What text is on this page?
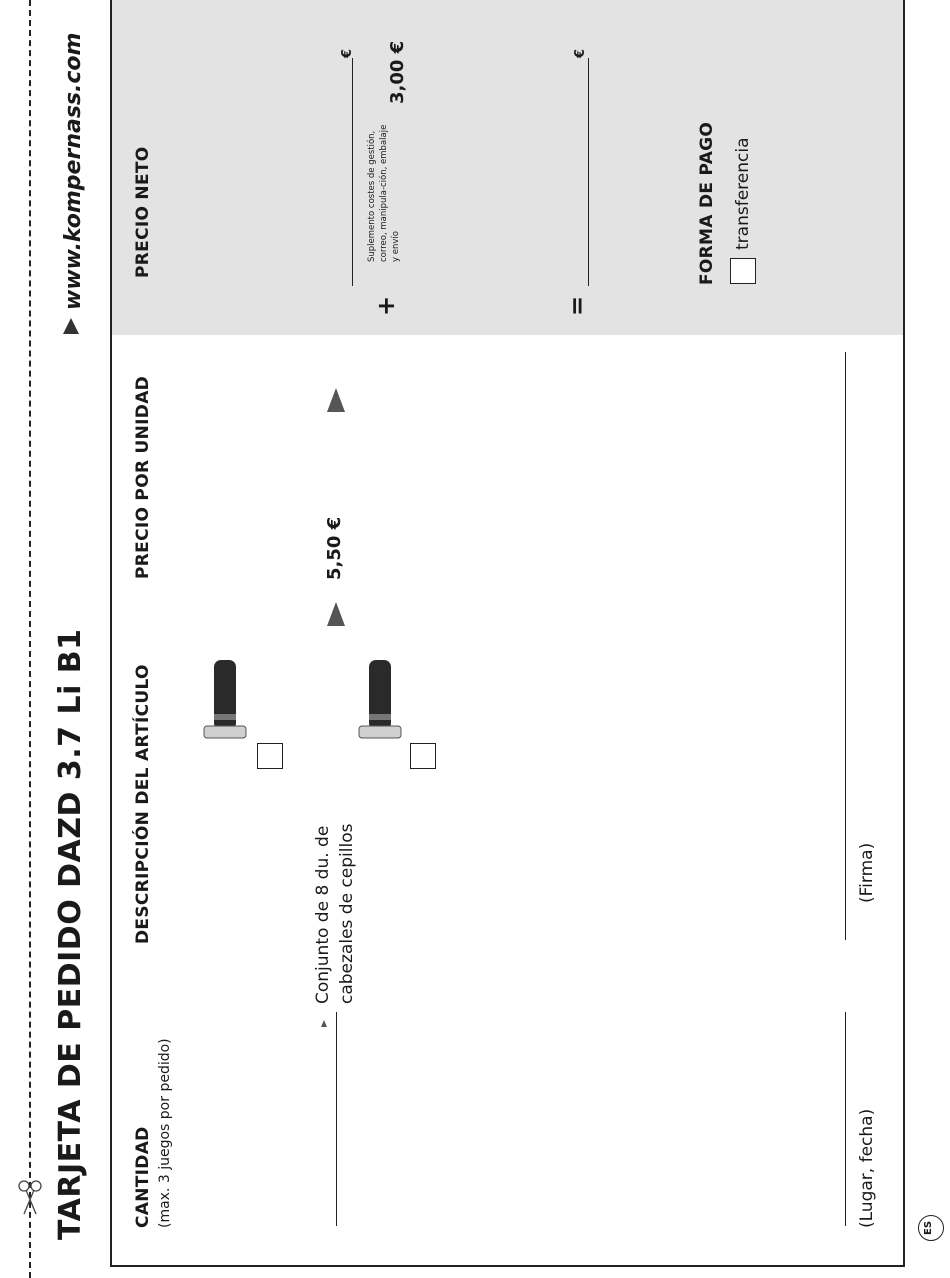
TARJETA DE PEDIDO DAZD 3.7 Li B1
www.kompernass.com
CANTIDAD (max. 3 juegos por pedido)
DESCRIPCIÓN DEL ARTÍCULO
PRECIO POR UNIDAD
PRECIO NETO
Conjunto de 8 du. de cabezales de cepillos
5,50 €
€
+
Suplemento costes de gestión, correo, manipula-ción, embalaje y envío
3,00 €	€
=
FORMA DE PAGO transferencia
(Lugar, fecha)
(Firma)
ES
